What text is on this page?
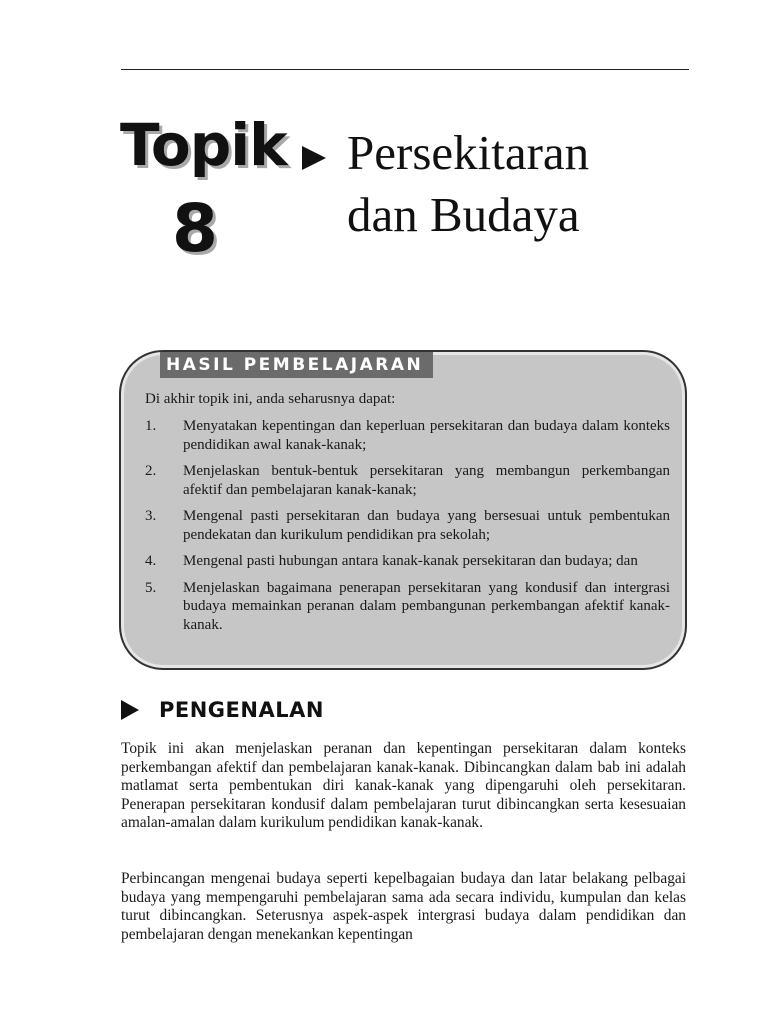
Topik
8
Persekitaran
dan Budaya
HASIL PEMBELAJARAN
Di akhir topik ini, anda seharusnya dapat:
1. Menyatakan kepentingan dan keperluan persekitaran dan budaya dalam konteks pendidikan awal kanak-kanak;
2. Menjelaskan bentuk-bentuk persekitaran yang membangun perkembangan afektif dan pembelajaran kanak-kanak;
3. Mengenal pasti persekitaran dan budaya yang bersesuai untuk pembentukan pendekatan dan kurikulum pendidikan pra sekolah;
4. Mengenal pasti hubungan antara kanak-kanak persekitaran dan budaya; dan
5. Menjelaskan bagaimana penerapan persekitaran yang kondusif dan intergrasi budaya memainkan peranan dalam pembangunan perkembangan afektif kanak-kanak.
PENGENALAN

Topik ini akan menjelaskan peranan dan kepentingan persekitaran dalam konteks perkembangan afektif dan pembelajaran kanak-kanak. Dibincangkan dalam bab ini adalah matlamat serta pembentukan diri kanak-kanak yang dipengaruhi oleh persekitaran. Penerapan persekitaran kondusif dalam pembelajaran turut dibincangkan serta kesesuaian amalan-amalan dalam kurikulum pendidikan kanak-kanak.

Perbincangan mengenai budaya seperti kepelbagaian budaya dan latar belakang pelbagai budaya yang mempengaruhi pembelajaran sama ada secara individu, kumpulan dan kelas turut dibincangkan. Seterusnya aspek-aspek intergrasi budaya dalam pendidikan dan pembelajaran dengan menekankan kepentingan
